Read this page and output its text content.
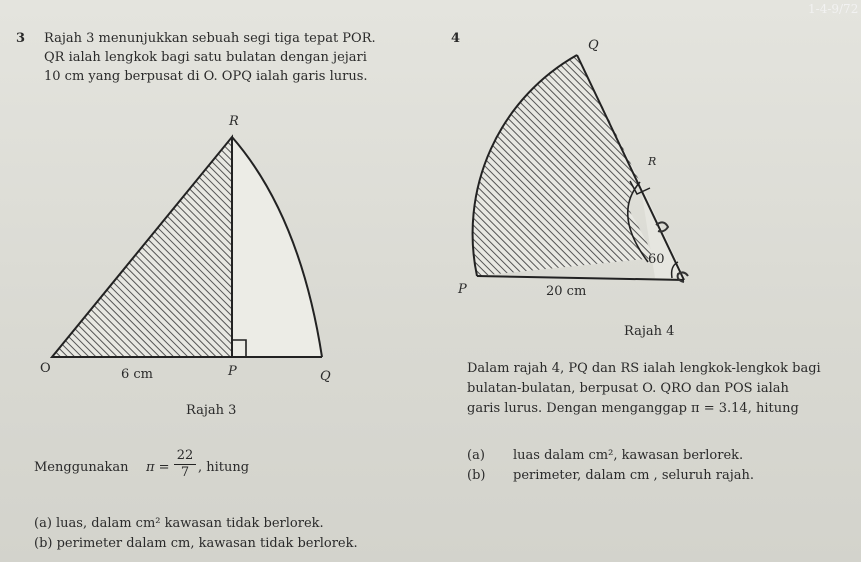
1-4-9/72
3 Rajah 3 menunjukkan sebuah segi tiga tepat POR.
QR ialah lengkok bagi satu bulatan dengan jejari
10 cm yang berpusat di O. OPQ ialah garis lurus.
4
R
O	P	Q
6 cm
Rajah 3
Q
R
60
P	20 cm
Rajah 4
Dalam rajah 4, PQ dan RS ialah lengkok-lengkok bagi
bulatan-bulatan, berpusat O. QRO dan POS ialah
garis lurus. Dengan menganggap π = 3.14, hitung
(a) luas dalam cm², kawasan berlorek.
(b) perimeter, dalam cm , seluruh rajah.
Menggunakan $\pi = \frac{22}{7}$ , hitung
(a) luas, dalam cm² kawasan tidak berlorek.
(b) perimeter dalam cm, kawasan tidak berlorek.
